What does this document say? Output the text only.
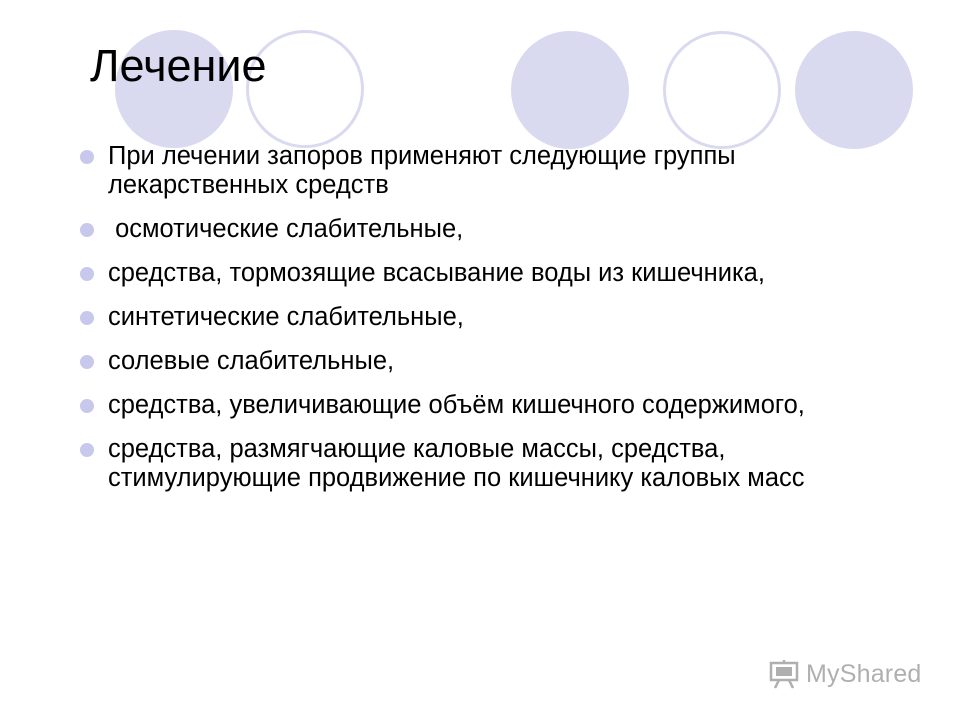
Лечение
При лечении запоров применяют следующие группы лекарственных средств
осмотические слабительные,
средства, тормозящие всасывание воды из кишечника,
синтетические слабительные,
солевые слабительные,
средства, увеличивающие объём кишечного содержимого,
средства, размягчающие каловые массы, средства, стимулирующие продвижение по кишечнику каловых масс
MyShared
